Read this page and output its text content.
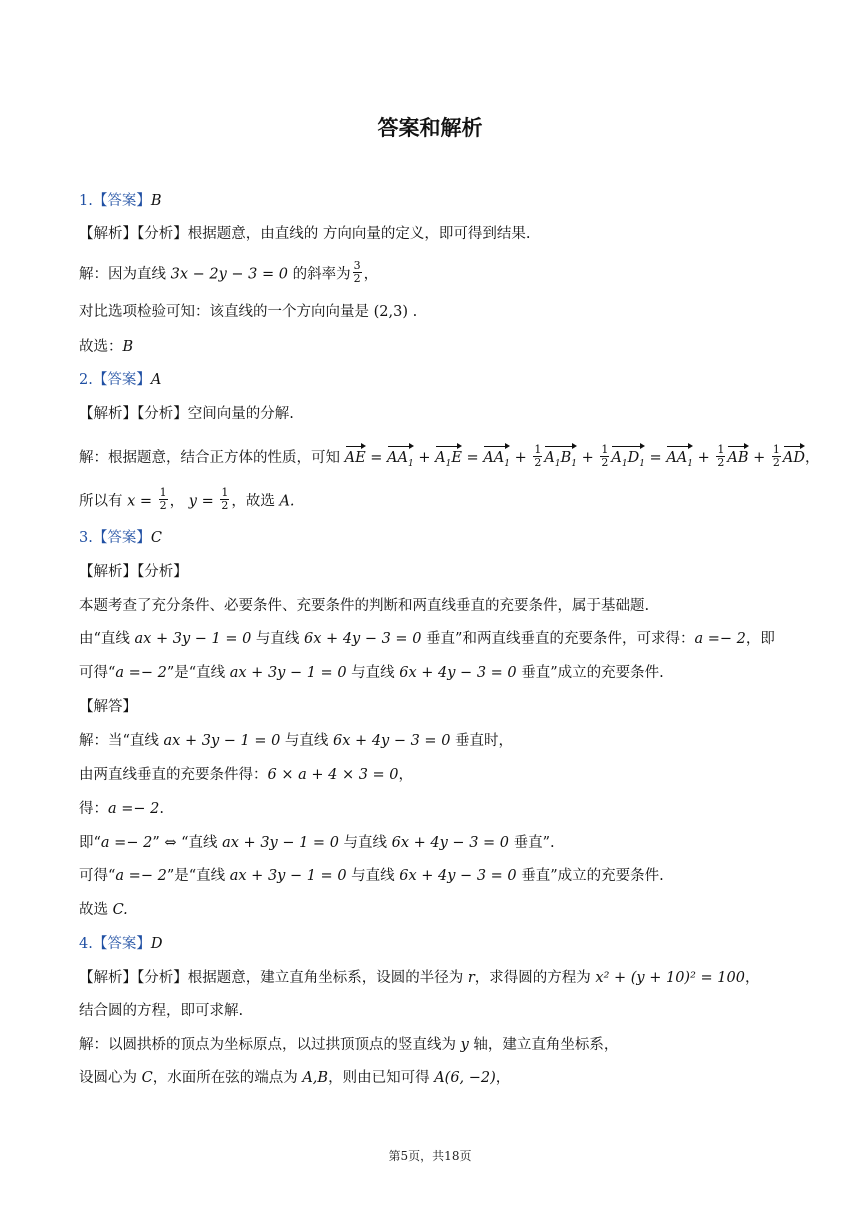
答案和解析
1.【答案】B
【解析】【分析】根据题意，由直线的 方向向量的定义，即可得到结果.
解：因为直线 3x − 2y − 3 = 0 的斜率为 $\frac{3}{2}$ ，
对比选项检验可知：该直线的一个方向向量是 (2,3) .
故选：B
2.【答案】A
【解析】【分析】空间向量的分解.
解：根据题意，结合正方体的性质，可知 AE = $AA_1 + A_1E = AA_1 + \frac{1}{2} A_1B_1 + \frac{1}{2} A_1D_1 = AA_1 + \frac{1}{2}$ AB + $\frac{1}{2}$ AD，
所以有 $x = \frac{1}{2}$ ， $y = \frac{1}{2}$ ，故选 A.
3.【答案】C
【解析】【分析】
本题考查了充分条件、必要条件、充要条件的判断和两直线垂直的充要条件，属于基础题.
由“直线 ax + 3y − 1 = 0 与直线 6x + 4y − 3 = 0 垂直”和两直线垂直的充要条件，可求得：a =− 2，即
可得“a =− 2”是“直线 ax + 3y − 1 = 0 与直线 6x + 4y − 3 = 0 垂直”成立的充要条件.
【解答】
解：当“直线 ax + 3y − 1 = 0 与直线 6x + 4y − 3 = 0 垂直时，
由两直线垂直的充要条件得：6 × a + 4 × 3 = 0，
得：a =− 2.
即“a =− 2” ⇔ “直线 ax + 3y − 1 = 0 与直线 6x + 4y − 3 = 0 垂直”.
可得“a =− 2”是“直线 ax + 3y − 1 = 0 与直线 6x + 4y − 3 = 0 垂直”成立的充要条件.
故选 C.
4.【答案】D
【解析】【分析】根据题意，建立直角坐标系，设圆的半径为 r，求得圆的方程为 x² + (y + 10)² = 100，
结合圆的方程，即可求解.
解：以圆拱桥的顶点为坐标原点，以过拱顶顶点的竖直线为 y 轴，建立直角坐标系，
设圆心为 C，水面所在弦的端点为 A,B，则由已知可得 A(6, −2)，
第5页，共18页
